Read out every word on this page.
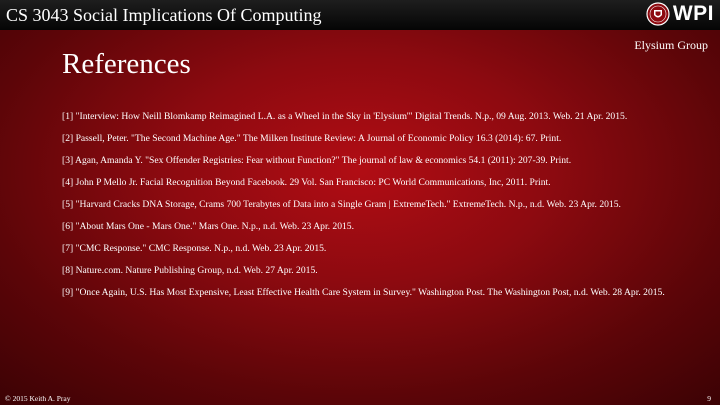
CS 3043 Social Implications Of Computing	WPI
Elysium Group
References
[1] "Interview: How Neill Blomkamp Reimagined L.A. as a Wheel in the Sky in 'Elysium'" Digital Trends. N.p., 09 Aug. 2013. Web. 21 Apr. 2015.
[2] Passell, Peter. "The Second Machine Age." The Milken Institute Review: A Journal of Economic Policy 16.3 (2014): 67. Print.
[3] Agan, Amanda Y. "Sex Offender Registries: Fear without Function?" The journal of law & economics 54.1 (2011): 207-39. Print.
[4] John P Mello Jr. Facial Recognition Beyond Facebook. 29 Vol. San Francisco: PC World Communications, Inc, 2011. Print.
[5] "Harvard Cracks DNA Storage, Crams 700 Terabytes of Data into a Single Gram | ExtremeTech." ExtremeTech. N.p., n.d. Web. 23 Apr. 2015.
[6] "About Mars One - Mars One." Mars One. N.p., n.d. Web. 23 Apr. 2015.
[7] "CMC Response." CMC Response. N.p., n.d. Web. 23 Apr. 2015.
[8] Nature.com. Nature Publishing Group, n.d. Web. 27 Apr. 2015.
[9] "Once Again, U.S. Has Most Expensive, Least Effective Health Care System in Survey." Washington Post. The Washington Post, n.d. Web. 28 Apr. 2015.
© 2015 Keith A. Pray	9
